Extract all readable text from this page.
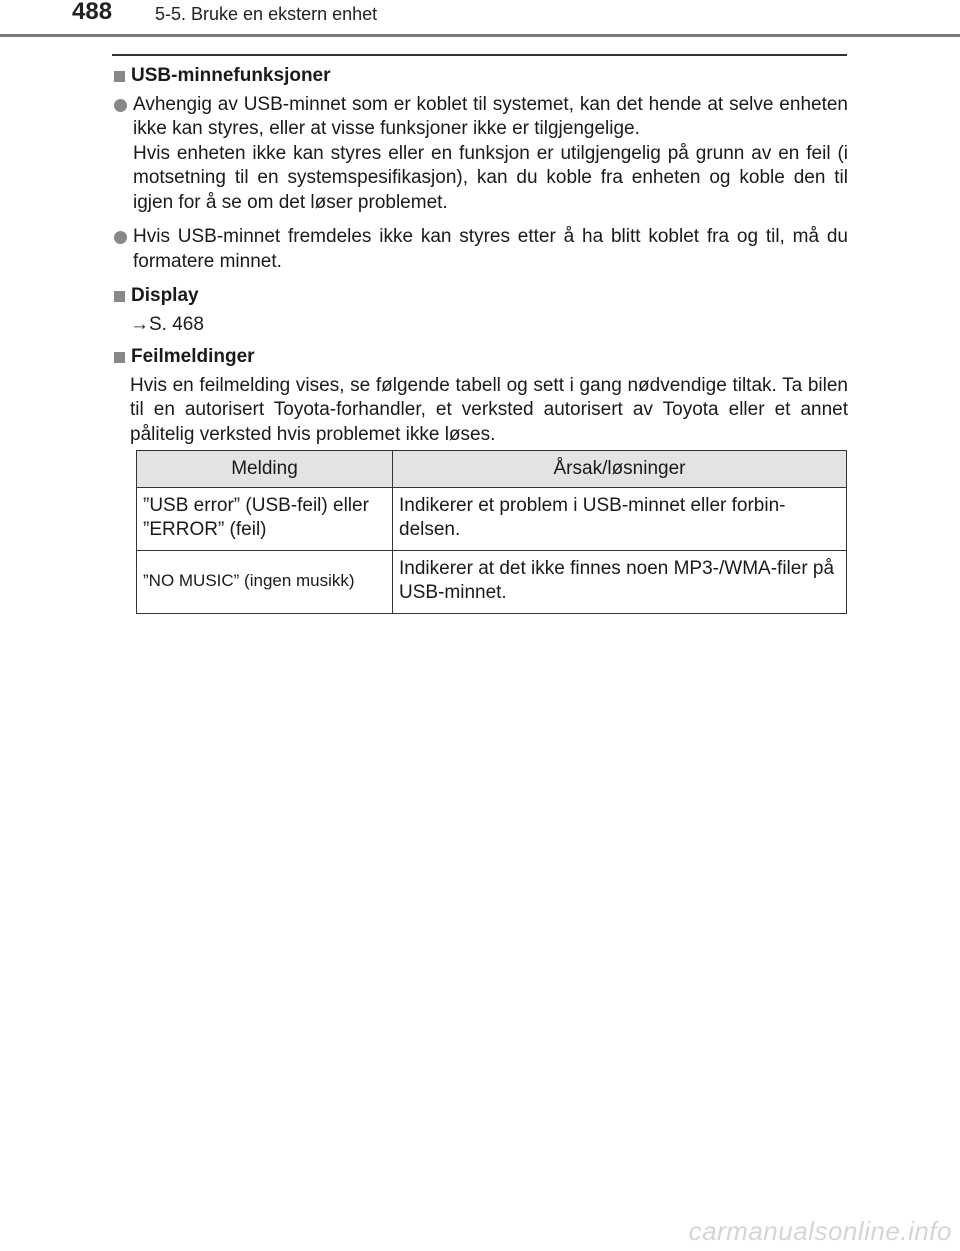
488 5-5. Bruke en ekstern enhet
USB-minnefunksjoner
Avhengig av USB-minnet som er koblet til systemet, kan det hende at selve enheten ikke kan styres, eller at visse funksjoner ikke er tilgjengelige.
Hvis enheten ikke kan styres eller en funksjon er utilgjengelig på grunn av en feil (i motsetning til en systemspesifikasjon), kan du koble fra enheten og koble den til igjen for å se om det løser problemet.
Hvis USB-minnet fremdeles ikke kan styres etter å ha blitt koblet fra og til, må du formatere minnet.
Display
→S. 468
Feilmeldinger
Hvis en feilmelding vises, se følgende tabell og sett i gang nødvendige tiltak. Ta bilen til en autorisert Toyota-forhandler, et verksted autorisert av Toyota eller et annet pålitelig verksted hvis problemet ikke løses.
Melding	Årsak/løsninger
”USB error” (USB-feil) eller ”ERROR” (feil)	Indikerer et problem i USB-minnet eller forbin-delsen.
”NO MUSIC” (ingen musikk)	Indikerer at det ikke finnes noen MP3-/WMA-filer på USB-minnet.
carmanualsonline.info
